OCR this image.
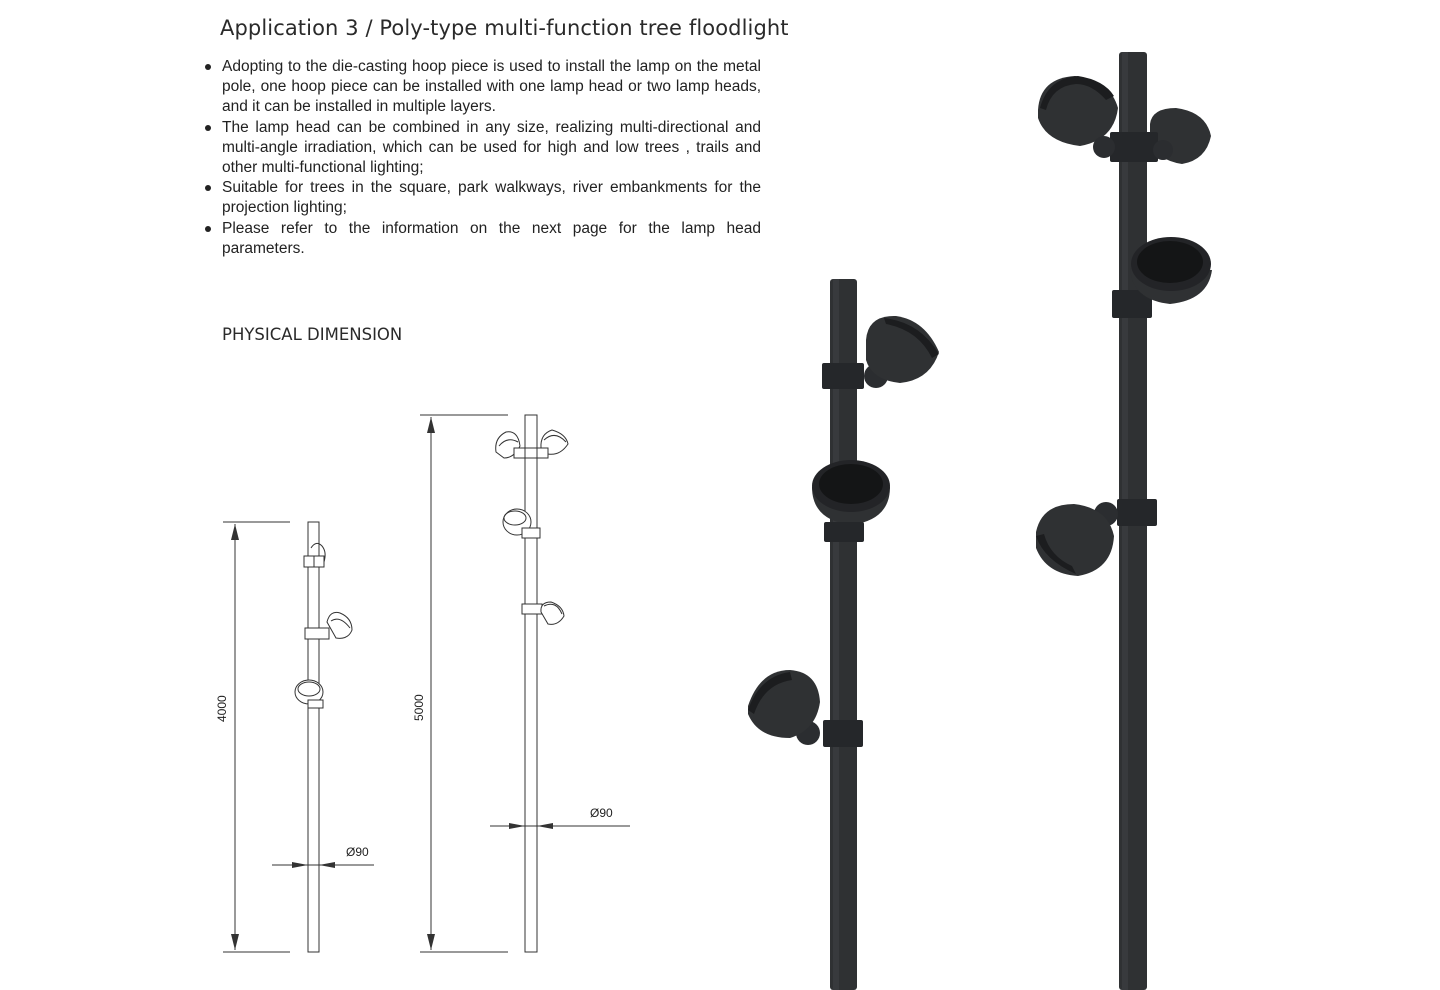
Application 3 / Poly-type multi-function tree floodlight
Adopting to the die-casting hoop piece is used to install the lamp on the metal pole, one hoop piece can be installed with one lamp head or two lamp heads, and it can be installed in multiple layers.
The lamp head can be combined in any size, realizing multi-directional and multi-angle irradiation, which can be used for high and low trees , trails and other multi-functional lighting;
Suitable for trees in the square, park walkways, river embankments for the projection lighting;
Please refer to the information on the next page for the lamp head parameters.
PHYSICAL DIMENSION
4000
Ø90
5000
Ø90
